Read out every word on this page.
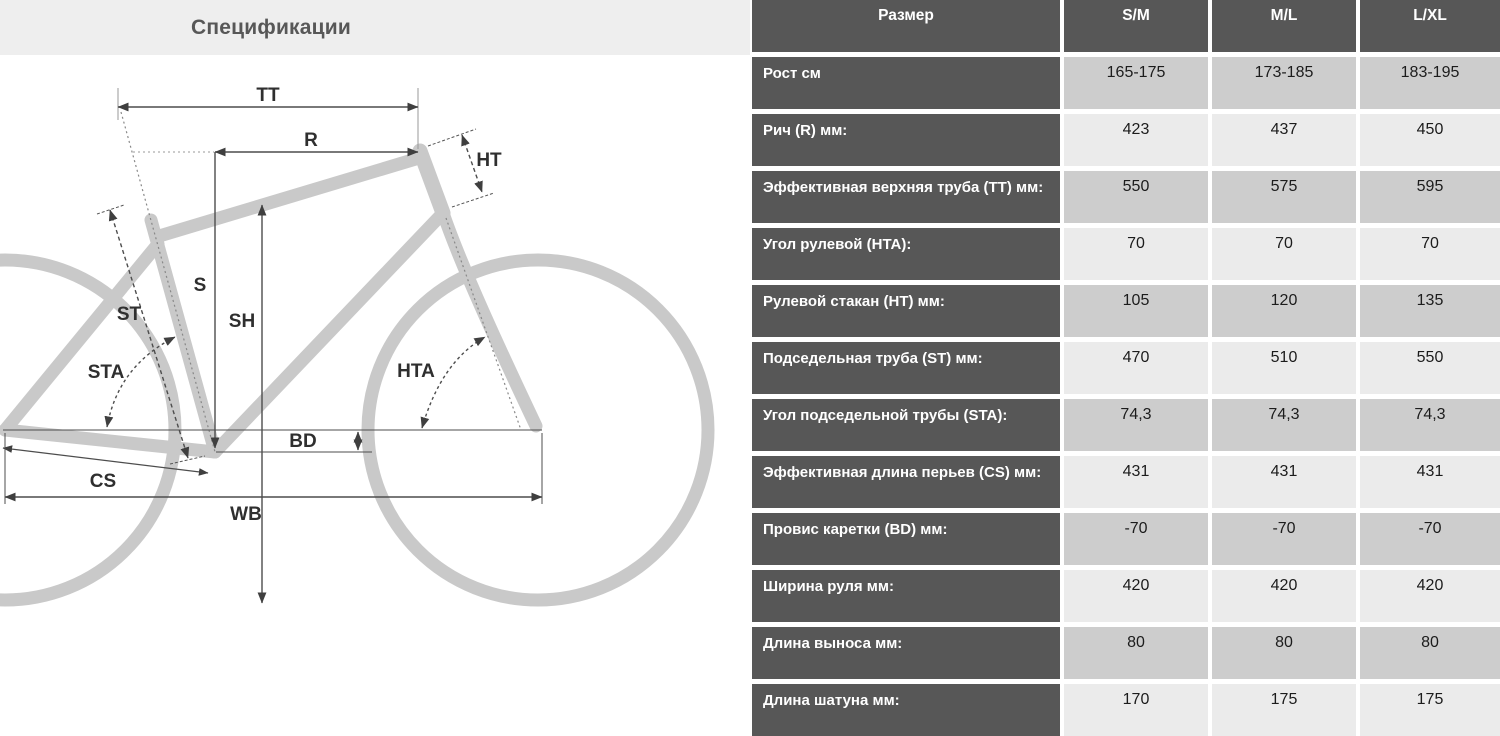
TT
R
HT
S
SH
ST
STA	HTA
BD
CS
WB
Спецификации
Размер	S/M	M/L	L/XL
Рост см	165-175	173-185	183-195
Рич (R) мм:	423	437	450
Эффективная верхняя труба (TT) мм:	550	575	595
Угол рулевой (HTA):	70	70	70
Рулевой стакан (HT) мм:	105	120	135
Подседельная труба (ST) мм:	470	510	550
Угол подседельной трубы (STA):	74,3	74,3	74,3
Эффективная длина перьев (CS) мм:	431	431	431
Провис каретки (BD) мм:	-70	-70	-70
Ширина руля мм:	420	420	420
Длина выноса мм:	80	80	80
Длина шатуна мм:	170	175	175
